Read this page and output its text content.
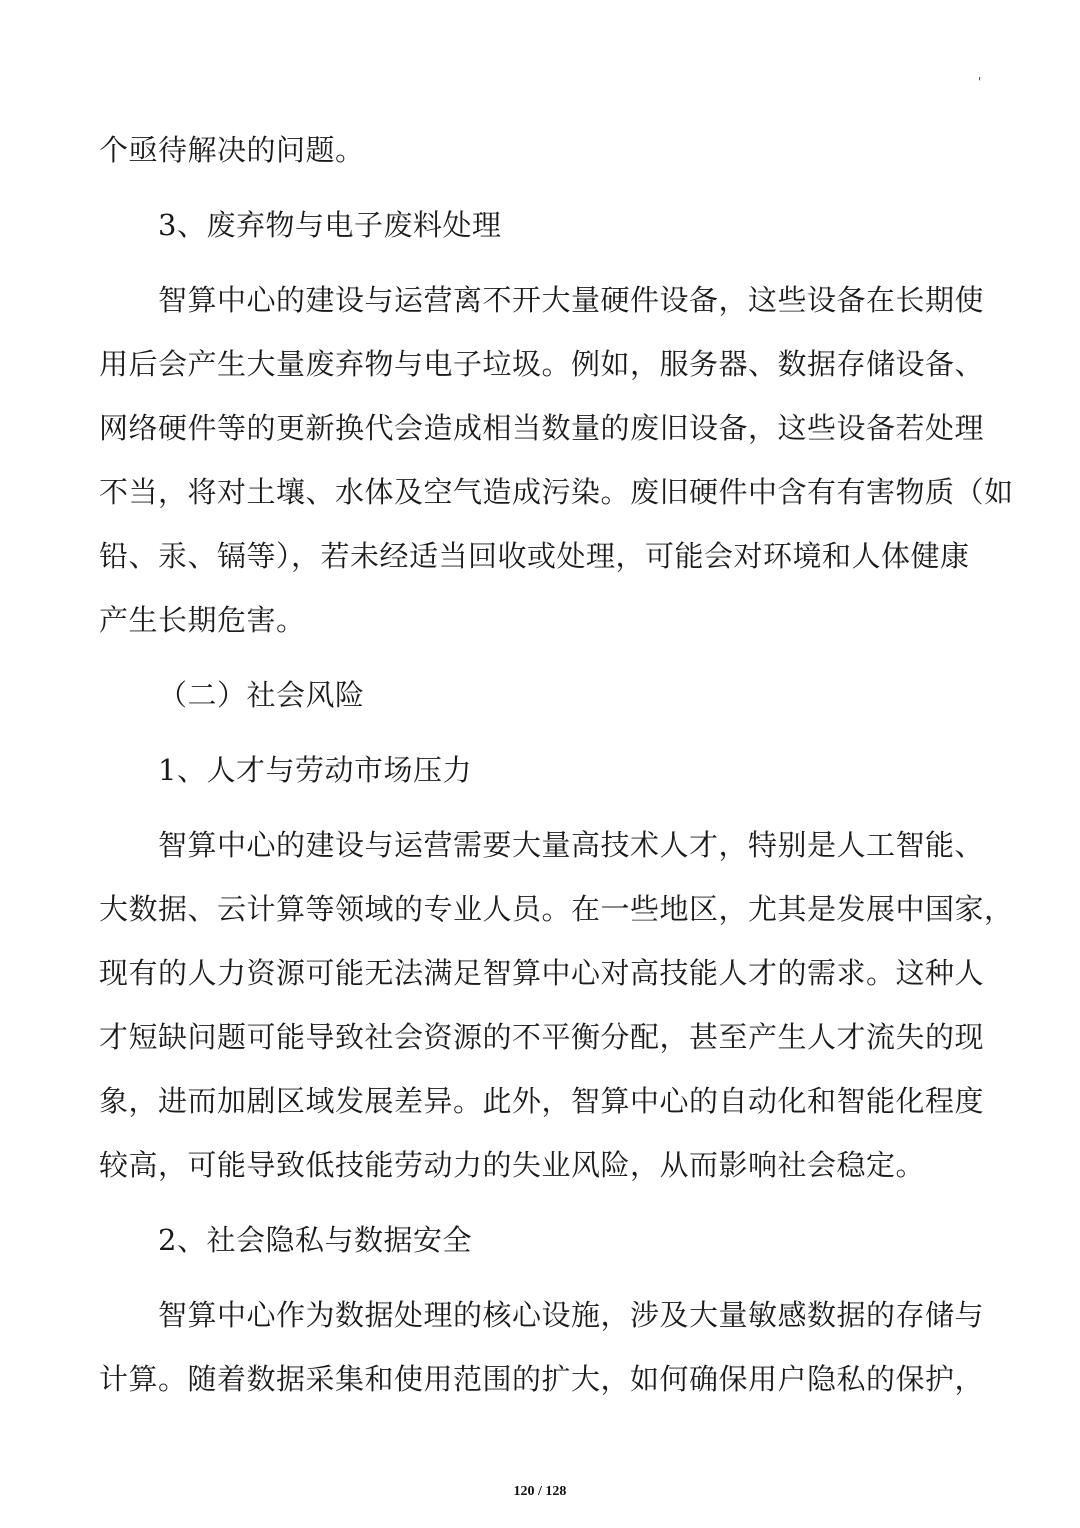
'

个亟待解决的问题。

3、废弃物与电子废料处理

智算中心的建设与运营离不开大量硬件设备，这些设备在长期使
用后会产生大量废弃物与电子垃圾。例如，服务器、数据存储设备、
网络硬件等的更新换代会造成相当数量的废旧设备，这些设备若处理
不当，将对土壤、水体及空气造成污染。废旧硬件中含有有害物质（如
铅、汞、镉等），若未经适当回收或处理，可能会对环境和人体健康
产生长期危害。

（二）社会风险

1、人才与劳动市场压力

智算中心的建设与运营需要大量高技术人才，特别是人工智能、
大数据、云计算等领域的专业人员。在一些地区，尤其是发展中国家，
现有的人力资源可能无法满足智算中心对高技能人才的需求。这种人
才短缺问题可能导致社会资源的不平衡分配，甚至产生人才流失的现
象，进而加剧区域发展差异。此外，智算中心的自动化和智能化程度
较高，可能导致低技能劳动力的失业风险，从而影响社会稳定。

2、社会隐私与数据安全

智算中心作为数据处理的核心设施，涉及大量敏感数据的存储与
计算。随着数据采集和使用范围的扩大，如何确保用户隐私的保护，

120 / 128
